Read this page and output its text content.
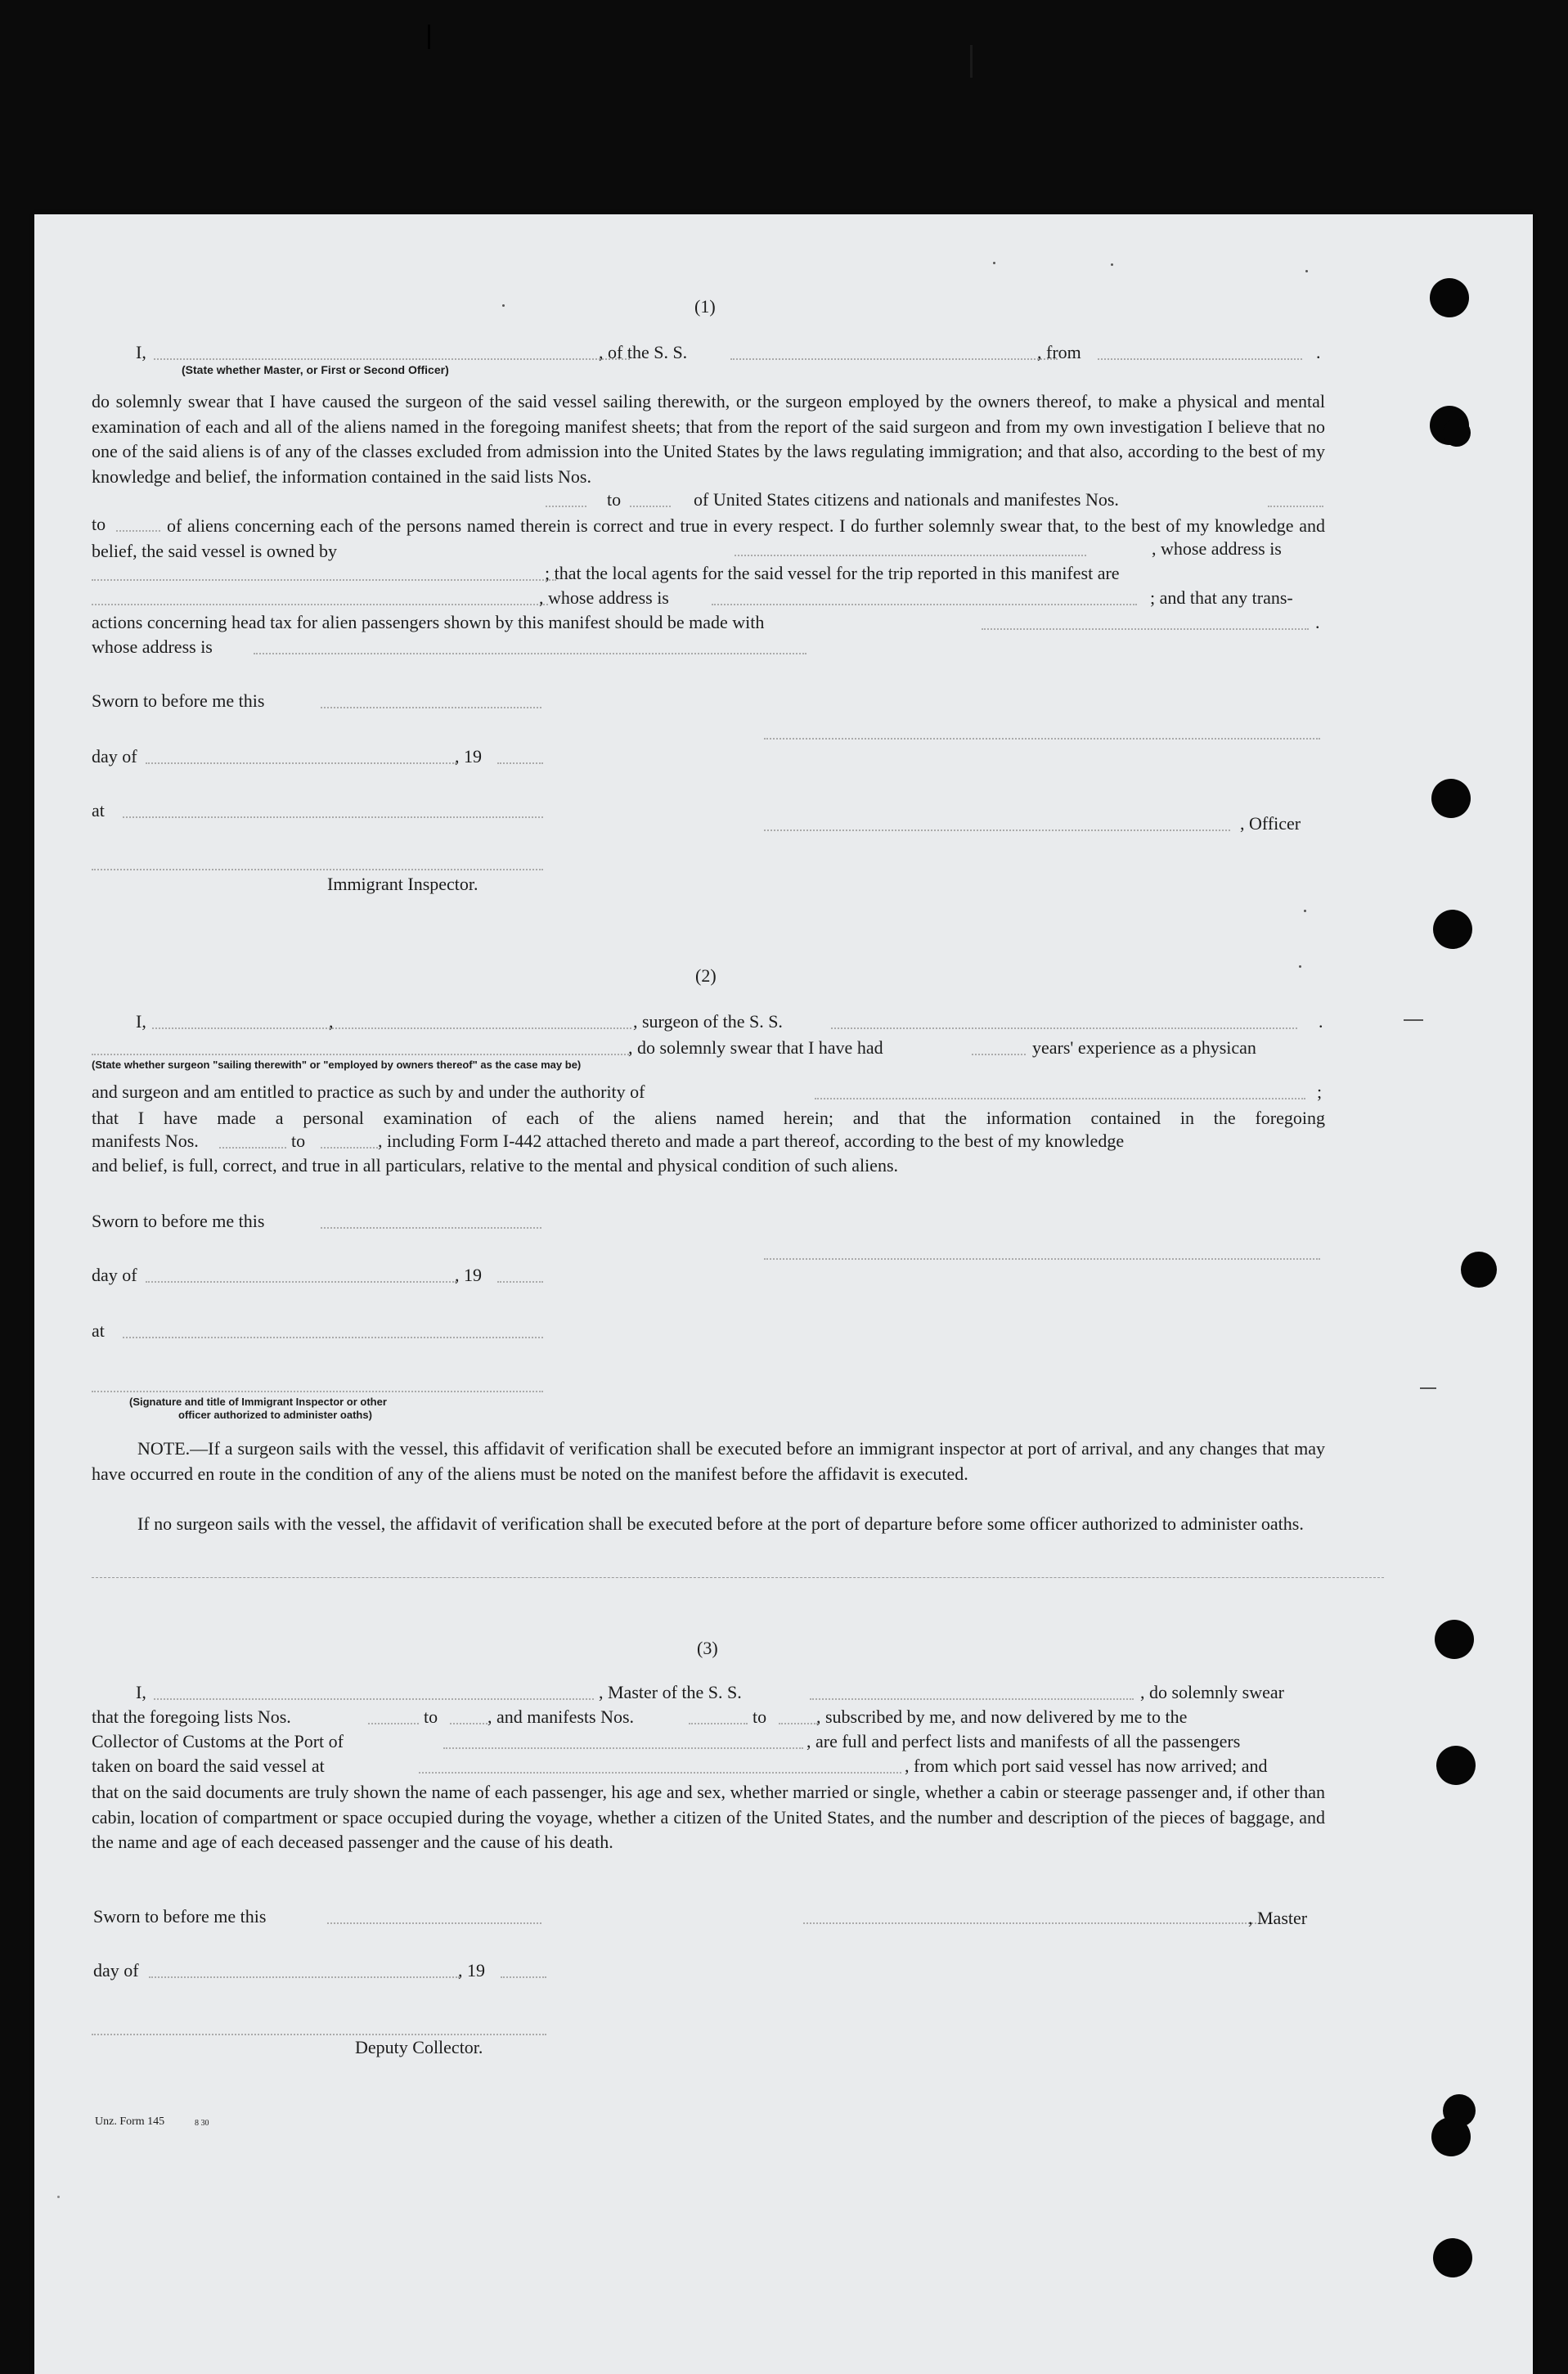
(1)
I,	, of the S. S.	, from	.
(State whether Master, or First or Second Officer)
do solemnly swear that I have caused the surgeon of the said vessel sailing therewith, or the surgeon employed by the owners thereof, to make a physical and mental examination of each and all of the aliens named in the foregoing manifest sheets; that from the report of the said surgeon and from my own investigation I believe that no one of the said aliens is of any of the classes excluded from admission into the United States by the laws regulating immigration; and that also, according to the best of my knowledge and belief, the information contained in the said lists Nos.
to	of United States citizens and nationals and manifestes Nos.
to	of aliens concerning each of the persons named therein is correct and true in every respect. I do further solemnly swear that, to the best of my knowledge and belief, the said vessel is owned by	, whose address is
; that the local agents for the said vessel for the trip reported in this manifest are
, whose address is	; and that any trans-
actions concerning head tax for alien passengers shown by this manifest should be made with	.
whose address is
Sworn to before me this
day of	, 19
at
, Officer
Immigrant Inspector.
(2)
I,	,	, surgeon of the S. S.	.
, do solemnly swear that I have had	years' experience as a physican
(State whether surgeon "sailing therewith" or "employed by owners thereof" as the case may be)
and surgeon and am entitled to practice as such by and under the authority of	;
that I have made a personal examination of each of the aliens named herein; and that the information contained in the foregoing
manifests Nos.	to	, including Form I-442 attached thereto and made a part thereof, according to the best of my knowledge
and belief, is full, correct, and true in all particulars, relative to the mental and physical condition of such aliens.
Sworn to before me this
day of	, 19
at
(Signature and title of Immigrant Inspector or other
officer authorized to administer oaths)
NOTE.—If a surgeon sails with the vessel, this affidavit of verification shall be executed before an immigrant inspector at port of arrival, and any changes that may have occurred en route in the condition of any of the aliens must be noted on the manifest before the affidavit is executed.
If no surgeon sails with the vessel, the affidavit of verification shall be executed before at the port of departure before some officer authorized to administer oaths.
(3)
I,	, Master of the S. S.	, do solemnly swear
that the foregoing lists Nos.	to	, and manifests Nos.	to	, subscribed by me, and now delivered by me to the
Collector of Customs at the Port of	, are full and perfect lists and manifests of all the passengers
taken on board the said vessel at	, from which port said vessel has now arrived; and
that on the said documents are truly shown the name of each passenger, his age and sex, whether married or single, whether a cabin or steerage passenger and, if other than cabin, location of compartment or space occupied during the voyage, whether a citizen of the United States, and the number and description of the pieces of baggage, and the name and age of each deceased passenger and the cause of his death.
Sworn to before me this	, Master
day of	, 19
Deputy Collector.
Unz. Form 145	8 30
